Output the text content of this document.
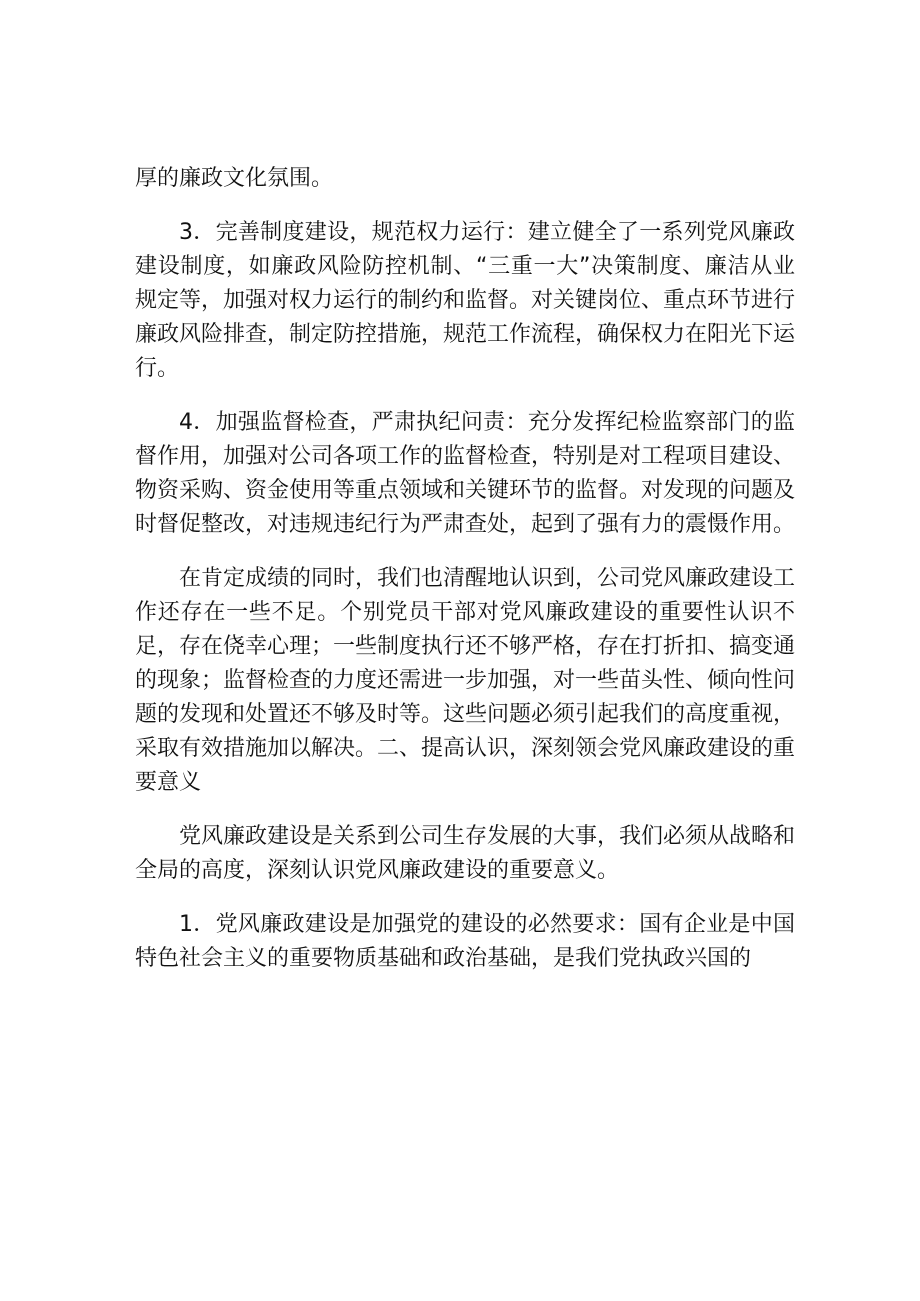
厚的廉政文化氛围。

3．完善制度建设，规范权力运行：建立健全了一系列党风廉政建设制度，如廉政风险防控机制、“三重一大”决策制度、廉洁从业规定等，加强对权力运行的制约和监督。对关键岗位、重点环节进行廉政风险排查，制定防控措施，规范工作流程，确保权力在阳光下运行。

4．加强监督检查，严肃执纪问责：充分发挥纪检监察部门的监督作用，加强对公司各项工作的监督检查，特别是对工程项目建设、物资采购、资金使用等重点领域和关键环节的监督。对发现的问题及时督促整改，对违规违纪行为严肃查处，起到了强有力的震慑作用。

在肯定成绩的同时，我们也清醒地认识到，公司党风廉政建设工作还存在一些不足。个别党员干部对党风廉政建设的重要性认识不足，存在侥幸心理；一些制度执行还不够严格，存在打折扣、搞变通的现象；监督检查的力度还需进一步加强，对一些苗头性、倾向性问题的发现和处置还不够及时等。这些问题必须引起我们的高度重视，采取有效措施加以解决。二、提高认识，深刻领会党风廉政建设的重要意义

党风廉政建设是关系到公司生存发展的大事，我们必须从战略和全局的高度，深刻认识党风廉政建设的重要意义。

1．党风廉政建设是加强党的建设的必然要求：国有企业是中国特色社会主义的重要物质基础和政治基础，是我们党执政兴国的
